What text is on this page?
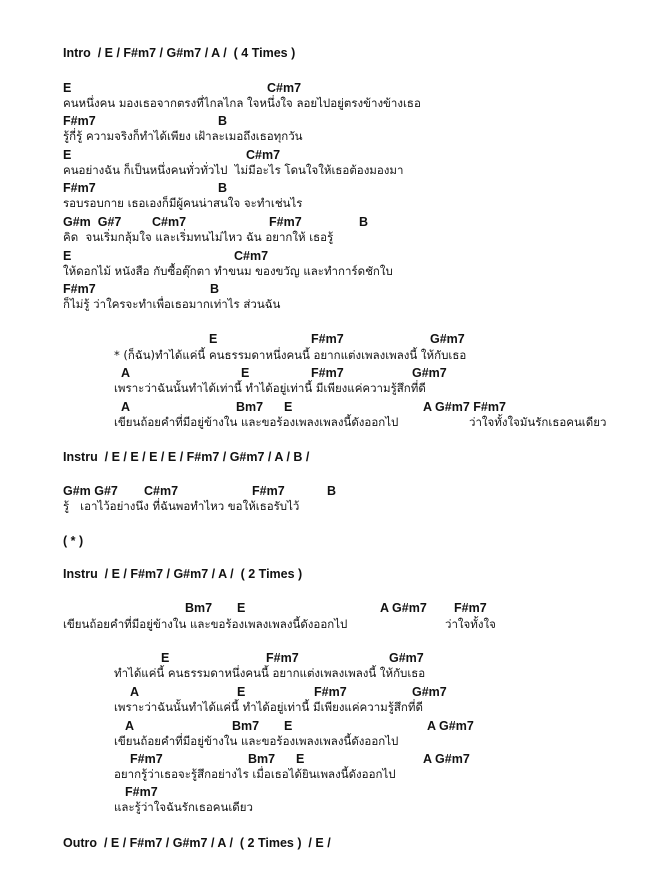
Intro  / E / F#m7 / G#m7 / A /  ( 4 Times )
E	C#m7
คนหนึ่งคน มองเธอจากตรงที่ไกลไกล ใจหนึ่งใจ ลอยไปอยู่ตรงข้างข้างเธอ
F#m7	B
รู้กี่รู้ ความจริงก็ทำได้เพียง เฝ้าละเมอถึงเธอทุกวัน
E	C#m7
คนอย่างฉัน ก็เป็นหนึ่งคนทั่วทั่วไป  ไม่มีอะไร โดนใจให้เธอต้องมองมา
F#m7	B
รอบรอบกาย เธอเองก็มีผู้คนน่าสนใจ จะทำเช่นไร
G#m  G#7 C#m7	F#m7	B
คิด  จนเริ่มกลุ้มใจ และเริ่มทนไม่ไหว ฉัน อยากให้ เธอรู้
E	C#m7
ให้ดอกไม้ หนังสือ กับซื้อตุ๊กตา ทำขนม ของขวัญ และทำการ์ดชักใบ
F#m7	B
ก็ไม่รู้ ว่าใครจะทำเพื่อเธอมากเท่าไร ส่วนฉัน
E	F#m7	G#m7
* (ก็ฉัน)ทำได้แค่นี้ คนธรรมดาหนึ่งคนนี้ อยากแต่งเพลงเพลงนี้ ให้กับเธอ
A	E	F#m7	G#m7
เพราะว่าฉันนั้นทำได้เท่านี้ ทำได้อยู่เท่านี้ มีเพียงแค่ความรู้สึกที่ดี
A	Bm7 E	A G#m7 F#m7
เขียนถ้อยคำที่มีอยู่ข้างใน และขอร้องเพลงเพลงนี้ดังออกไป	ว่าใจทั้งใจมันรักเธอคนเดียว
Instru  / E / E / E / E / F#m7 / G#m7 / A / B /
G#m G#7 C#m7	F#m7	B
รู้   เอาไว้อย่างนึง ที่ฉันพอทำไหว ขอให้เธอรับไว้
( * )
Instru  / E / F#m7 / G#m7 / A /  ( 2 Times )
Bm7 E	A G#m7 F#m7
เขียนถ้อยคำที่มีอยู่ข้างใน และขอร้องเพลงเพลงนี้ดังออกไป	ว่าใจทั้งใจ
E	F#m7	G#m7
ทำได้แค่นี้ คนธรรมดาหนึ่งคนนี้ อยากแต่งเพลงเพลงนี้ ให้กับเธอ
A	E	F#m7	G#m7
เพราะว่าฉันนั้นทำได้แค่นี้ ทำได้อยู่เท่านี้ มีเพียงแค่ความรู้สึกที่ดี
A	Bm7 E	A G#m7
เขียนถ้อยคำที่มีอยู่ข้างใน และขอร้องเพลงเพลงนี้ดังออกไป
F#m7	Bm7 E	A G#m7
อยากรู้ว่าเธอจะรู้สึกอย่างไร เมื่อเธอได้ยินเพลงนี้ดังออกไป
F#m7
และรู้ว่าใจฉันรักเธอคนเดียว
Outro  / E / F#m7 / G#m7 / A /  ( 2 Times )  / E /
